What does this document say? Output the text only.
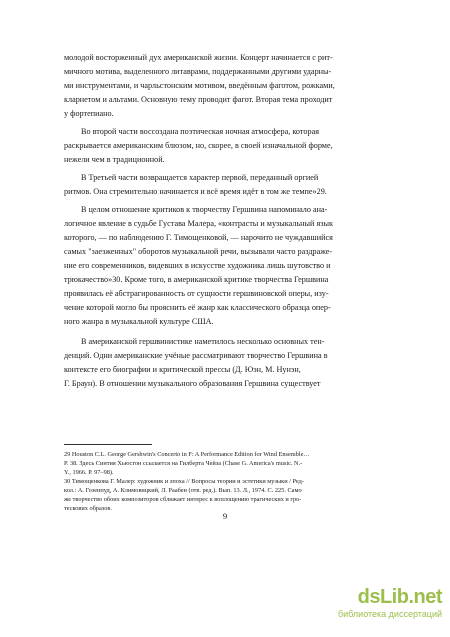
молодой восторженный дух американской жизни. Концерт начинается с рит-
мичного мотива, выделенного литаврами, поддержанными другими ударны-
ми инструментами, и чарльстонским мотивом, введённым фаготом, рожками,
кларнетом и альтами. Основную тему проводит фагот. Вторая тема проходит
у фортепиано.
Во второй части воссоздана поэтическая ночная атмосфера, которая
раскрывается американским блюзом, но, скорее, в своей изначальной форме,
нежели чем в традиционной.
В Третьей части возвращается характер первой, переданный оргией
ритмов. Она стремительно начинается и всё время идёт в том же темпе»29.
В целом отношение критиков к творчеству Гершвина напоминало ана-
логичное явление в судьбе Густава Малера, «контрасты и музыкальный язык
которого, — по наблюдению Г. Тимощенковой, — нарочито не чуждавшийся
самых "заезженных" оборотов музыкальной речи, вызывали часто раздраже-
ние его современников, видевших в искусстве художника лишь шутовство и
трюкачество»30. Кроме того, в американской критике творчества Гершвина
проявилась её абстрагированность от сущности гершвиновской оперы, изу-
чение которой могло бы прояснить её жанр как классического образца опер-
ного жанра в музыкальной культуре США.
В американской гершвинистике наметилось несколько основных тен-
денций. Одни американские учёные рассматривают творчество Гершвина в
контексте его биографии и критической прессы (Д. Юэн, М. Нунэн,
Г. Браун). В отношении музыкального образования Гершвина существует
29 Houston C.L. George Gershwin's Concerto in F: A Performance Edition for Wind Ensemble…
P. 38. Здесь Синтия Хьюстон ссылается на Гилберта Чейза (Chase G. America's music. N.-
Y., 1966. P. 97–98).
30 Тимощенкова Г. Малер: художник и эпоха // Вопросы теории и эстетики музыки / Ред-
кол.: А. Гозенпуд, А. Климовицкий, Л. Раабен (отв. ред.). Вып. 13. Л., 1974. С. 225. Само
же творчество обоих композиторов сближает интерес к воплощению трагических и гро-
тескових образов.
9
dsLib.net
библиотека диссертаций
